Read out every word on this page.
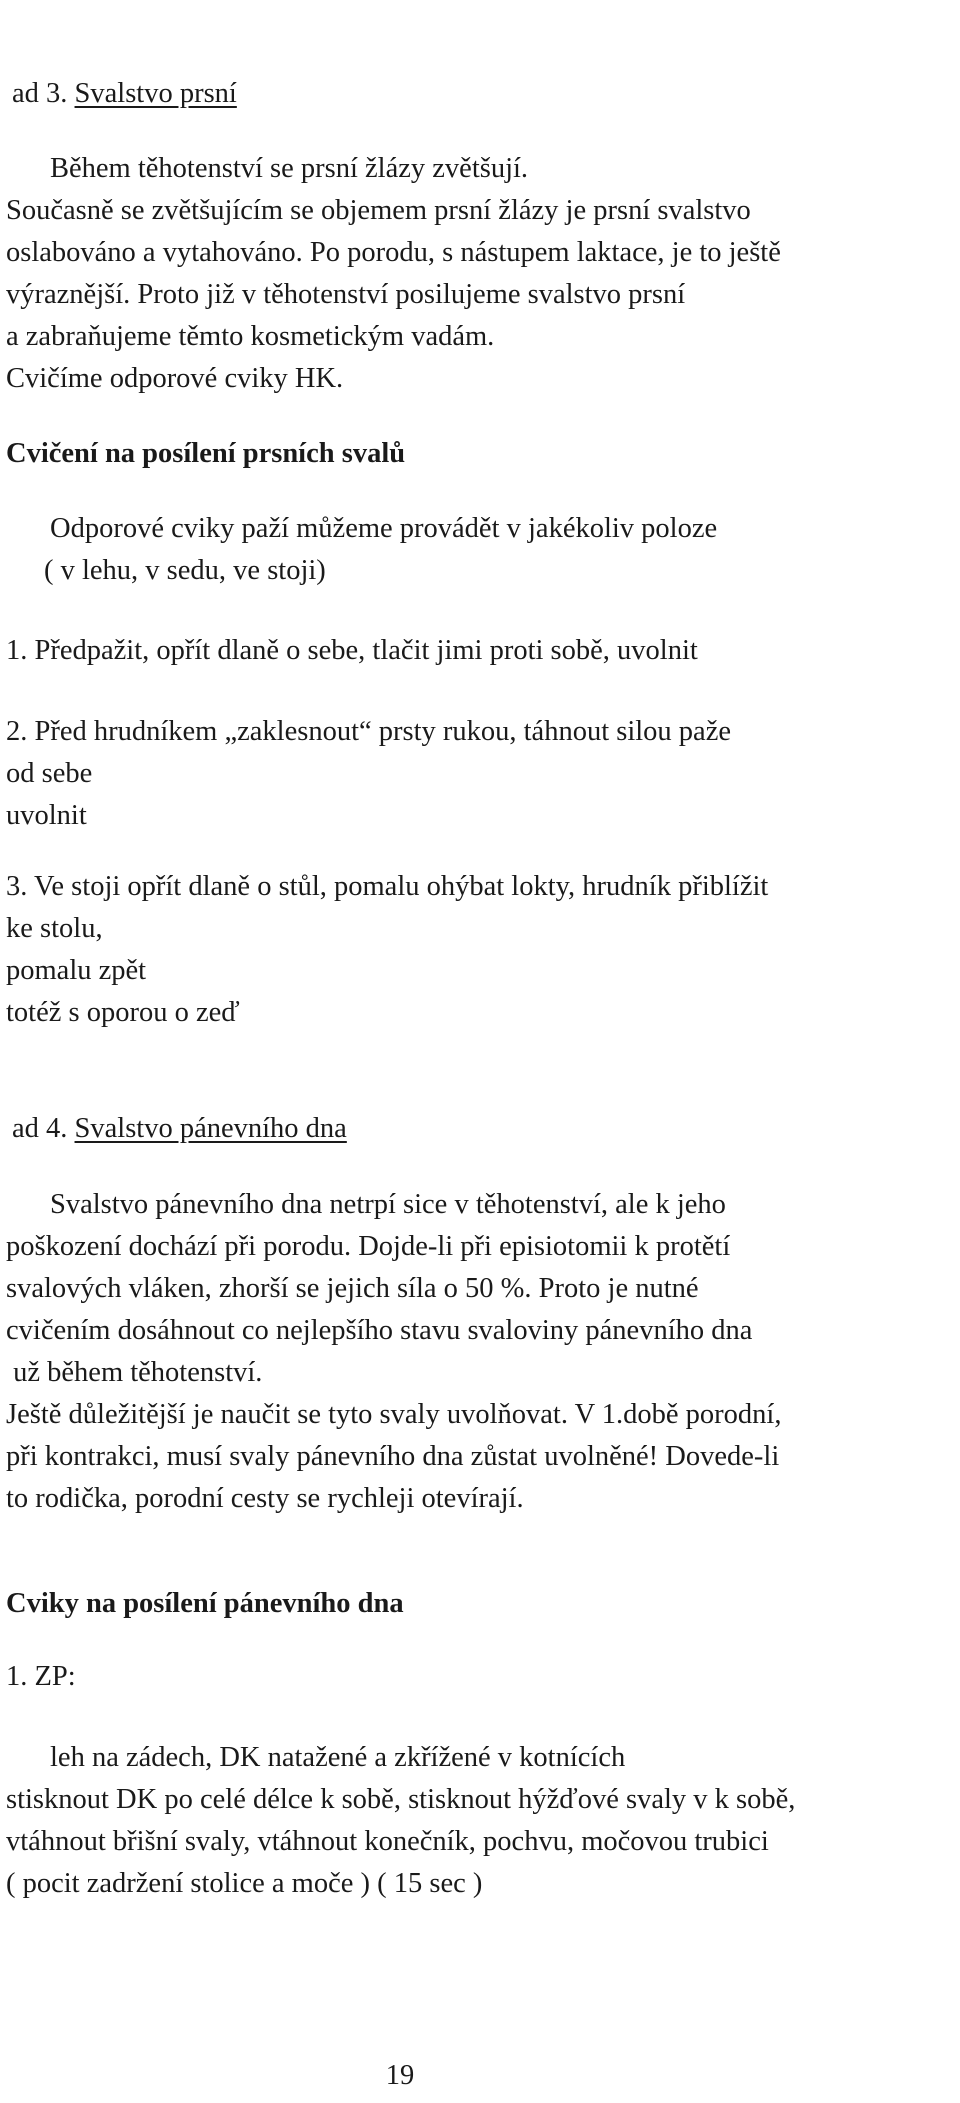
ad 3. Svalstvo prsní

Během těhotenství se prsní žlázy zvětšují.

Současně se zvětšujícím se objemem prsní žlázy je prsní svalstvo

oslabováno a vytahováno. Po porodu, s nástupem laktace, je to ještě

výraznější. Proto již v těhotenství posilujeme svalstvo prsní

a zabraňujeme těmto kosmetickým vadám.

Cvičíme odporové cviky HK.

Cvičení na posílení prsních svalů

Odporové cviky paží můžeme provádět v jakékoliv poloze

( v lehu, v sedu, ve stoji)

1. Předpažit, opřít dlaně o sebe, tlačit jimi proti sobě, uvolnit

2. Před hrudníkem „zaklesnout“ prsty rukou, táhnout silou paže

od sebe

uvolnit

3. Ve stoji opřít dlaně o stůl, pomalu ohýbat lokty, hrudník přiblížit

ke stolu,

pomalu zpět

totéž s oporou o zeď

ad 4. Svalstvo pánevního dna

Svalstvo pánevního dna netrpí sice v těhotenství, ale k jeho

poškození dochází při porodu. Dojde-li při episiotomii k protětí

svalových vláken, zhorší se jejich síla o 50 %. Proto je nutné

cvičením dosáhnout co nejlepšího stavu svaloviny pánevního dna

už během těhotenství.

Ještě důležitější je naučit se tyto svaly uvolňovat. V 1.době porodní,

při kontrakci, musí svaly pánevního dna zůstat uvolněné! Dovede-li

to rodička, porodní cesty se rychleji otevírají.

Cviky na posílení pánevního dna

1. ZP:

leh na zádech, DK natažené a zkřížené v kotnících

stisknout DK po celé délce k sobě, stisknout hýžďové svaly v k sobě,

vtáhnout břišní svaly, vtáhnout konečník, pochvu, močovou trubici

( pocit zadržení stolice a moče ) ( 15 sec )

19
